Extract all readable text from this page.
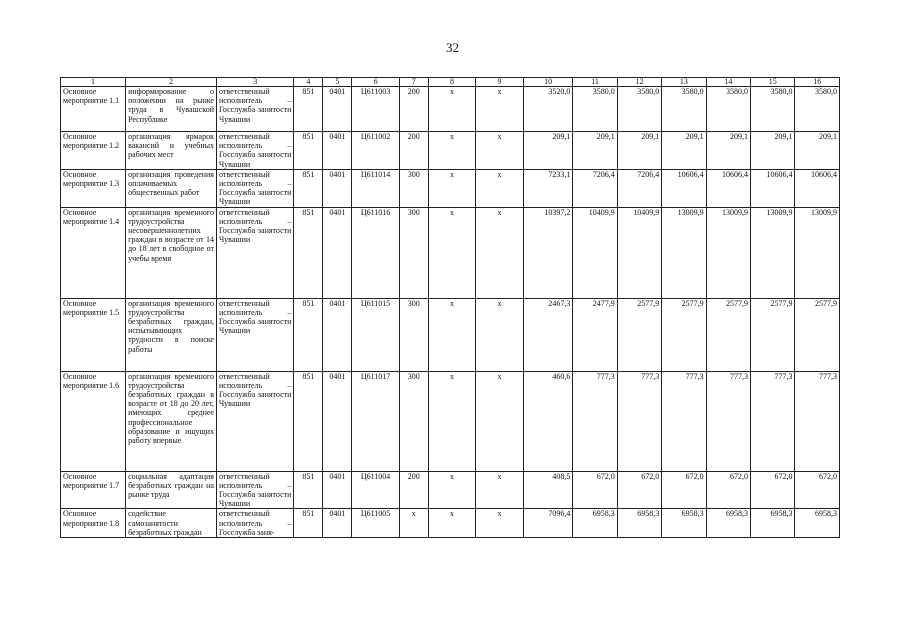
32
1	2	3	4	5	6	7	8	9	10	11	12	13	14	15	16
Основное мероприятие 1.1	информирование о положении на рынке труда в Чувашской Республике	ответственный исполнитель – Госслужба занятости Чувашии	851	0401	Ц611003	200	х	х	3520,0	3580,0	3580,0	3580,0	3580,0	3580,0	3580,0
Основное мероприятие 1.2	организация ярмарок вакансий и учебных рабочих мест	ответственный исполнитель – Госслужба занятости Чувашии	851	0401	Ц611002	200	х	х	209,1	209,1	209,1	209,1	209,1	209,1	209,1
Основное мероприятие 1.3	организация проведения оплачиваемых общественных работ	ответственный исполнитель – Госслужба занятости Чувашии	851	0401	Ц611014	300	х	х	7233,1	7206,4	7206,4	10606,4	10606,4	10606,4	10606,4
Основное мероприятие 1.4	организация временного трудоустройства несовершеннолетних граждан в возрасте от 14 до 18 лет в свободное от учебы время	ответственный исполнитель – Госслужба занятости Чувашии	851	0401	Ц611016	300	х	х	10397,2	10409,9	10409,9	13009,9	13009,9	13009,9	13009,9
Основное мероприятие 1.5	организация временного трудоустройства безработных граждан, испытывающих трудности в поиске работы	ответственный исполнитель – Госслужба занятости Чувашии	851	0401	Ц611015	300	х	х	2467,3	2477,9	2577,9	2577,9	2577,9	2577,9	2577,9
Основное мероприятие 1.6	организация временного трудоустройства безработных граждан в возрасте от 18 до 20 лет, имеющих среднее профессиональное образование и ищущих работу впервые	ответственный исполнитель – Госслужба занятости Чувашии	851	0401	Ц611017	300	х	х	460,6	777,3	777,3	777,3	777,3	777,3	777,3
Основное мероприятие 1.7	социальная адаптация безработных граждан на рынке труда	ответственный исполнитель – Госслужба занятости Чувашии	851	0401	Ц611004	200	х	х	408,5	672,0	672,0	672,0	672,0	672,0	672,0
Основное мероприятие 1.8	содействие самозанятости безработных граждан	ответственный исполнитель – Госслужба заня-	851	0401	Ц611005	х	х	х	7096,4	6958,3	6958,3	6958,3	6958,3	6958,3	6958,3
